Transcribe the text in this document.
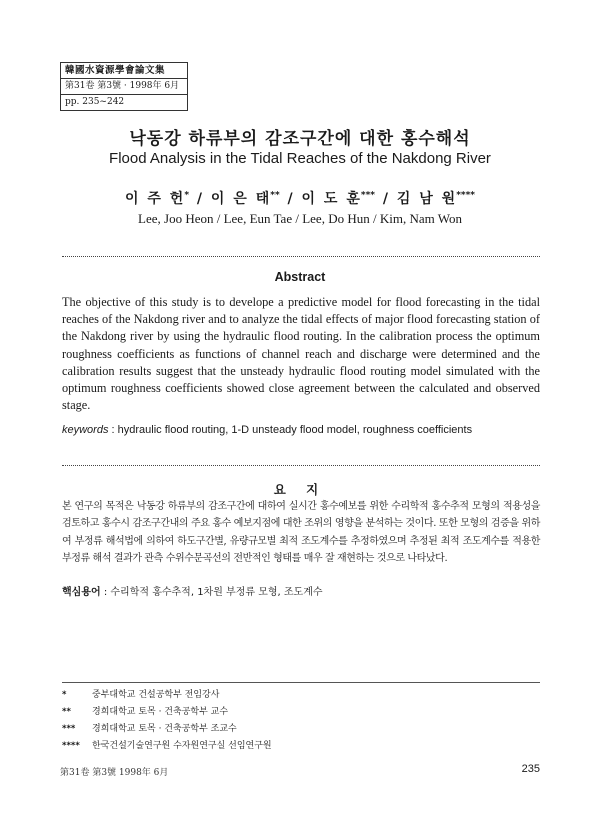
韓國水資源學會論文集
第31卷 第3號 · 1998年 6月
pp. 235~242
낙동강 하류부의 감조구간에 대한 홍수해석
Flood Analysis in the Tidal Reaches of the Nakdong River
이 주 헌* / 이 은 태** / 이 도 훈*** / 김 남 원****
Lee, Joo Heon / Lee, Eun Tae / Lee, Do Hun / Kim, Nam Won
Abstract
The objective of this study is to develope a predictive model for flood forecasting in the tidal reaches of the Nakdong river and to analyze the tidal effects of major flood forecasting station of the Nakdong river by using the hydraulic flood routing. In the calibration process the optimum roughness coefficients as functions of channel reach and discharge were determined and the calibration results suggest that the unsteady hydraulic flood routing model simulated with the optimum roughness coefficients showed close agreement between the calculated and observed stage.
keywords : hydraulic flood routing, 1-D unsteady flood model, roughness coefficients
요 지
본 연구의 목적은 낙동강 하류부의 감조구간에 대하여 실시간 홍수예보를 위한 수리학적 홍수추적 모형의 적용성을 검토하고 홍수시 감조구간내의 주요 홍수 예보지점에 대한 조위의 영향을 분석하는 것이다. 또한 모형의 검증을 위하여 부정류 해석법에 의하여 하도구간별, 유량규모별 최적 조도계수를 추정하였으며 추정된 최적 조도계수를 적용한 부정류 해석 결과가 관측 수위수문곡선의 전반적인 형태를 매우 잘 재현하는 것으로 나타났다.
핵심용어 : 수리학적 홍수추적, 1차원 부정류 모형, 조도계수
*	중부대학교 건설공학부 전임강사
** 경희대학교 토목 · 건축공학부 교수
*** 경희대학교 토목 · 건축공학부 조교수
**** 한국건설기술연구원 수자원연구실 선임연구원
第31卷 第3號 1998年 6月	235
